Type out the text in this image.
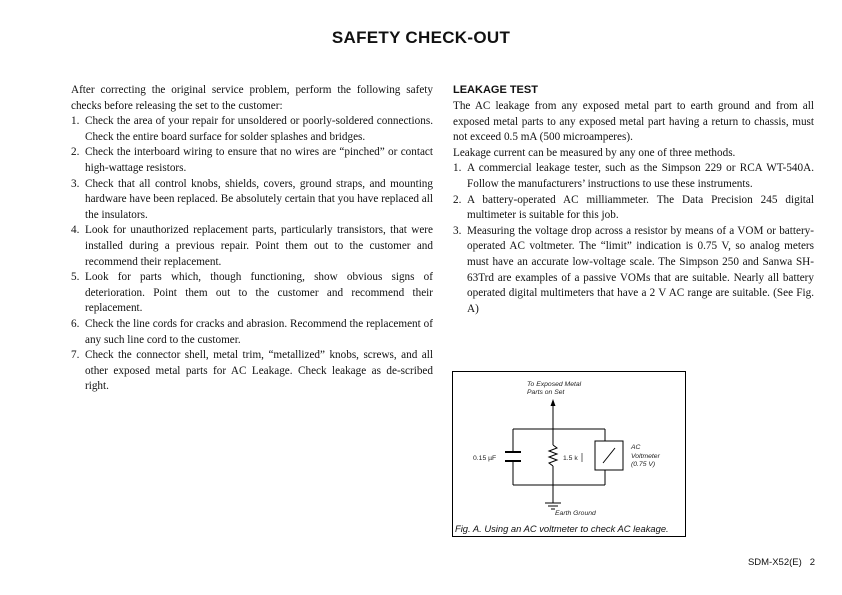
SAFETY CHECK-OUT

After correcting the original service problem, perform the following safety checks before releasing the set to the customer:

1. Check the area of your repair for unsoldered or poorly-soldered connections. Check the entire board surface for solder splashes and bridges.
2. Check the interboard wiring to ensure that no wires are “pinched” or contact high-wattage resistors.
3. Check that all control knobs, shields, covers, ground straps, and mounting hardware have been replaced. Be absolutely certain that you have replaced all the insulators.
4. Look for unauthorized replacement parts, particularly transistors, that were installed during a previous repair. Point them out to the customer and recommend their replacement.
5. Look for parts which, though functioning, show obvious signs of deterioration. Point them out to the customer and recommend their replacement.
6. Check the line cords for cracks and abrasion. Recommend the replacement of any such line cord to the customer.
7. Check the connector shell, metal trim, “metallized” knobs, screws, and all other exposed metal parts for AC Leakage. Check leakage as de-scribed right.
LEAKAGE TEST

The AC leakage from any exposed metal part to earth ground and from all exposed metal parts to any exposed metal part having a return to chassis, must not exceed 0.5 mA (500 microamperes).

Leakage current can be measured by any one of three methods.

1. A commercial leakage tester, such as the Simpson 229 or RCA WT-540A. Follow the manufacturers’ instructions to use these instruments.
2. A battery-operated AC milliammeter. The Data Precision 245 digital multimeter is suitable for this job.
3. Measuring the voltage drop across a resistor by means of a VOM or battery-operated AC voltmeter. The “limit” indication is 0.75 V, so analog meters must have an accurate low-voltage scale. The Simpson 250 and Sanwa SH-63Trd are examples of a passive VOMs that are suitable. Nearly all battery operated digital multimeters that have a 2 V AC range are suitable. (See Fig. A)
To Exposed Metal
Parts on Set
0.15 µF	1.5 k
AC
Voltmeter
(0.75 V)
Earth Ground
Fig. A. Using an AC voltmeter to check AC leakage.
SDM-X52(E) 2
